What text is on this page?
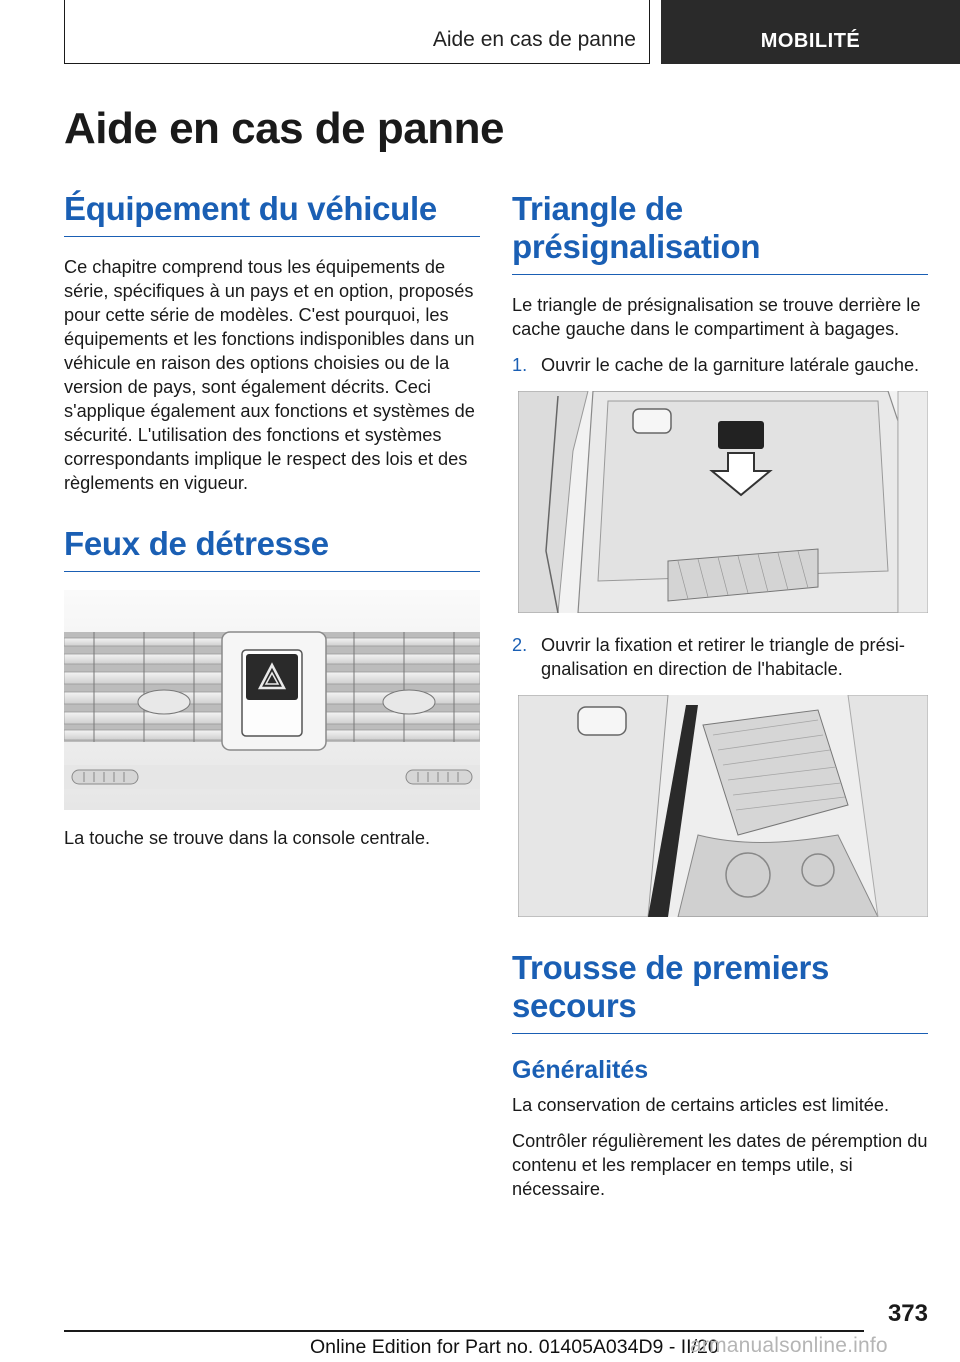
Aide en cas de panne	MOBILITÉ
Aide en cas de panne
Équipement du véhicule

Ce chapitre comprend tous les équipements de série, spécifiques à un pays et en option, proposés pour cette série de modèles. C'est pourquoi, les équipements et les fonctions indisponibles dans un véhicule en raison des options choisies ou de la version de pays, sont également décrits. Ceci s'applique également aux fonctions et systèmes de sécurité. L'utilisation des fonctions et systèmes correspondants implique le respect des lois et des règlements en vigueur.

Feux de détresse

La touche se trouve dans la console centrale.

Triangle de présignalisation

Le triangle de présignalisation se trouve derrière le cache gauche dans le compartiment à bagages.

1. Ouvrir le cache de la garniture latérale gauche.
2. Ouvrir la fixation et retirer le triangle de présignalisation en direction de l'habitacle.
Trousse de premiers secours
Généralités

La conservation de certains articles est limitée.

Contrôler régulièrement les dates de péremption du contenu et les remplacer en temps utile, si nécessaire.

373
Online Edition for Part no. 01405A034D9 - II/20
armanualsonline.info
